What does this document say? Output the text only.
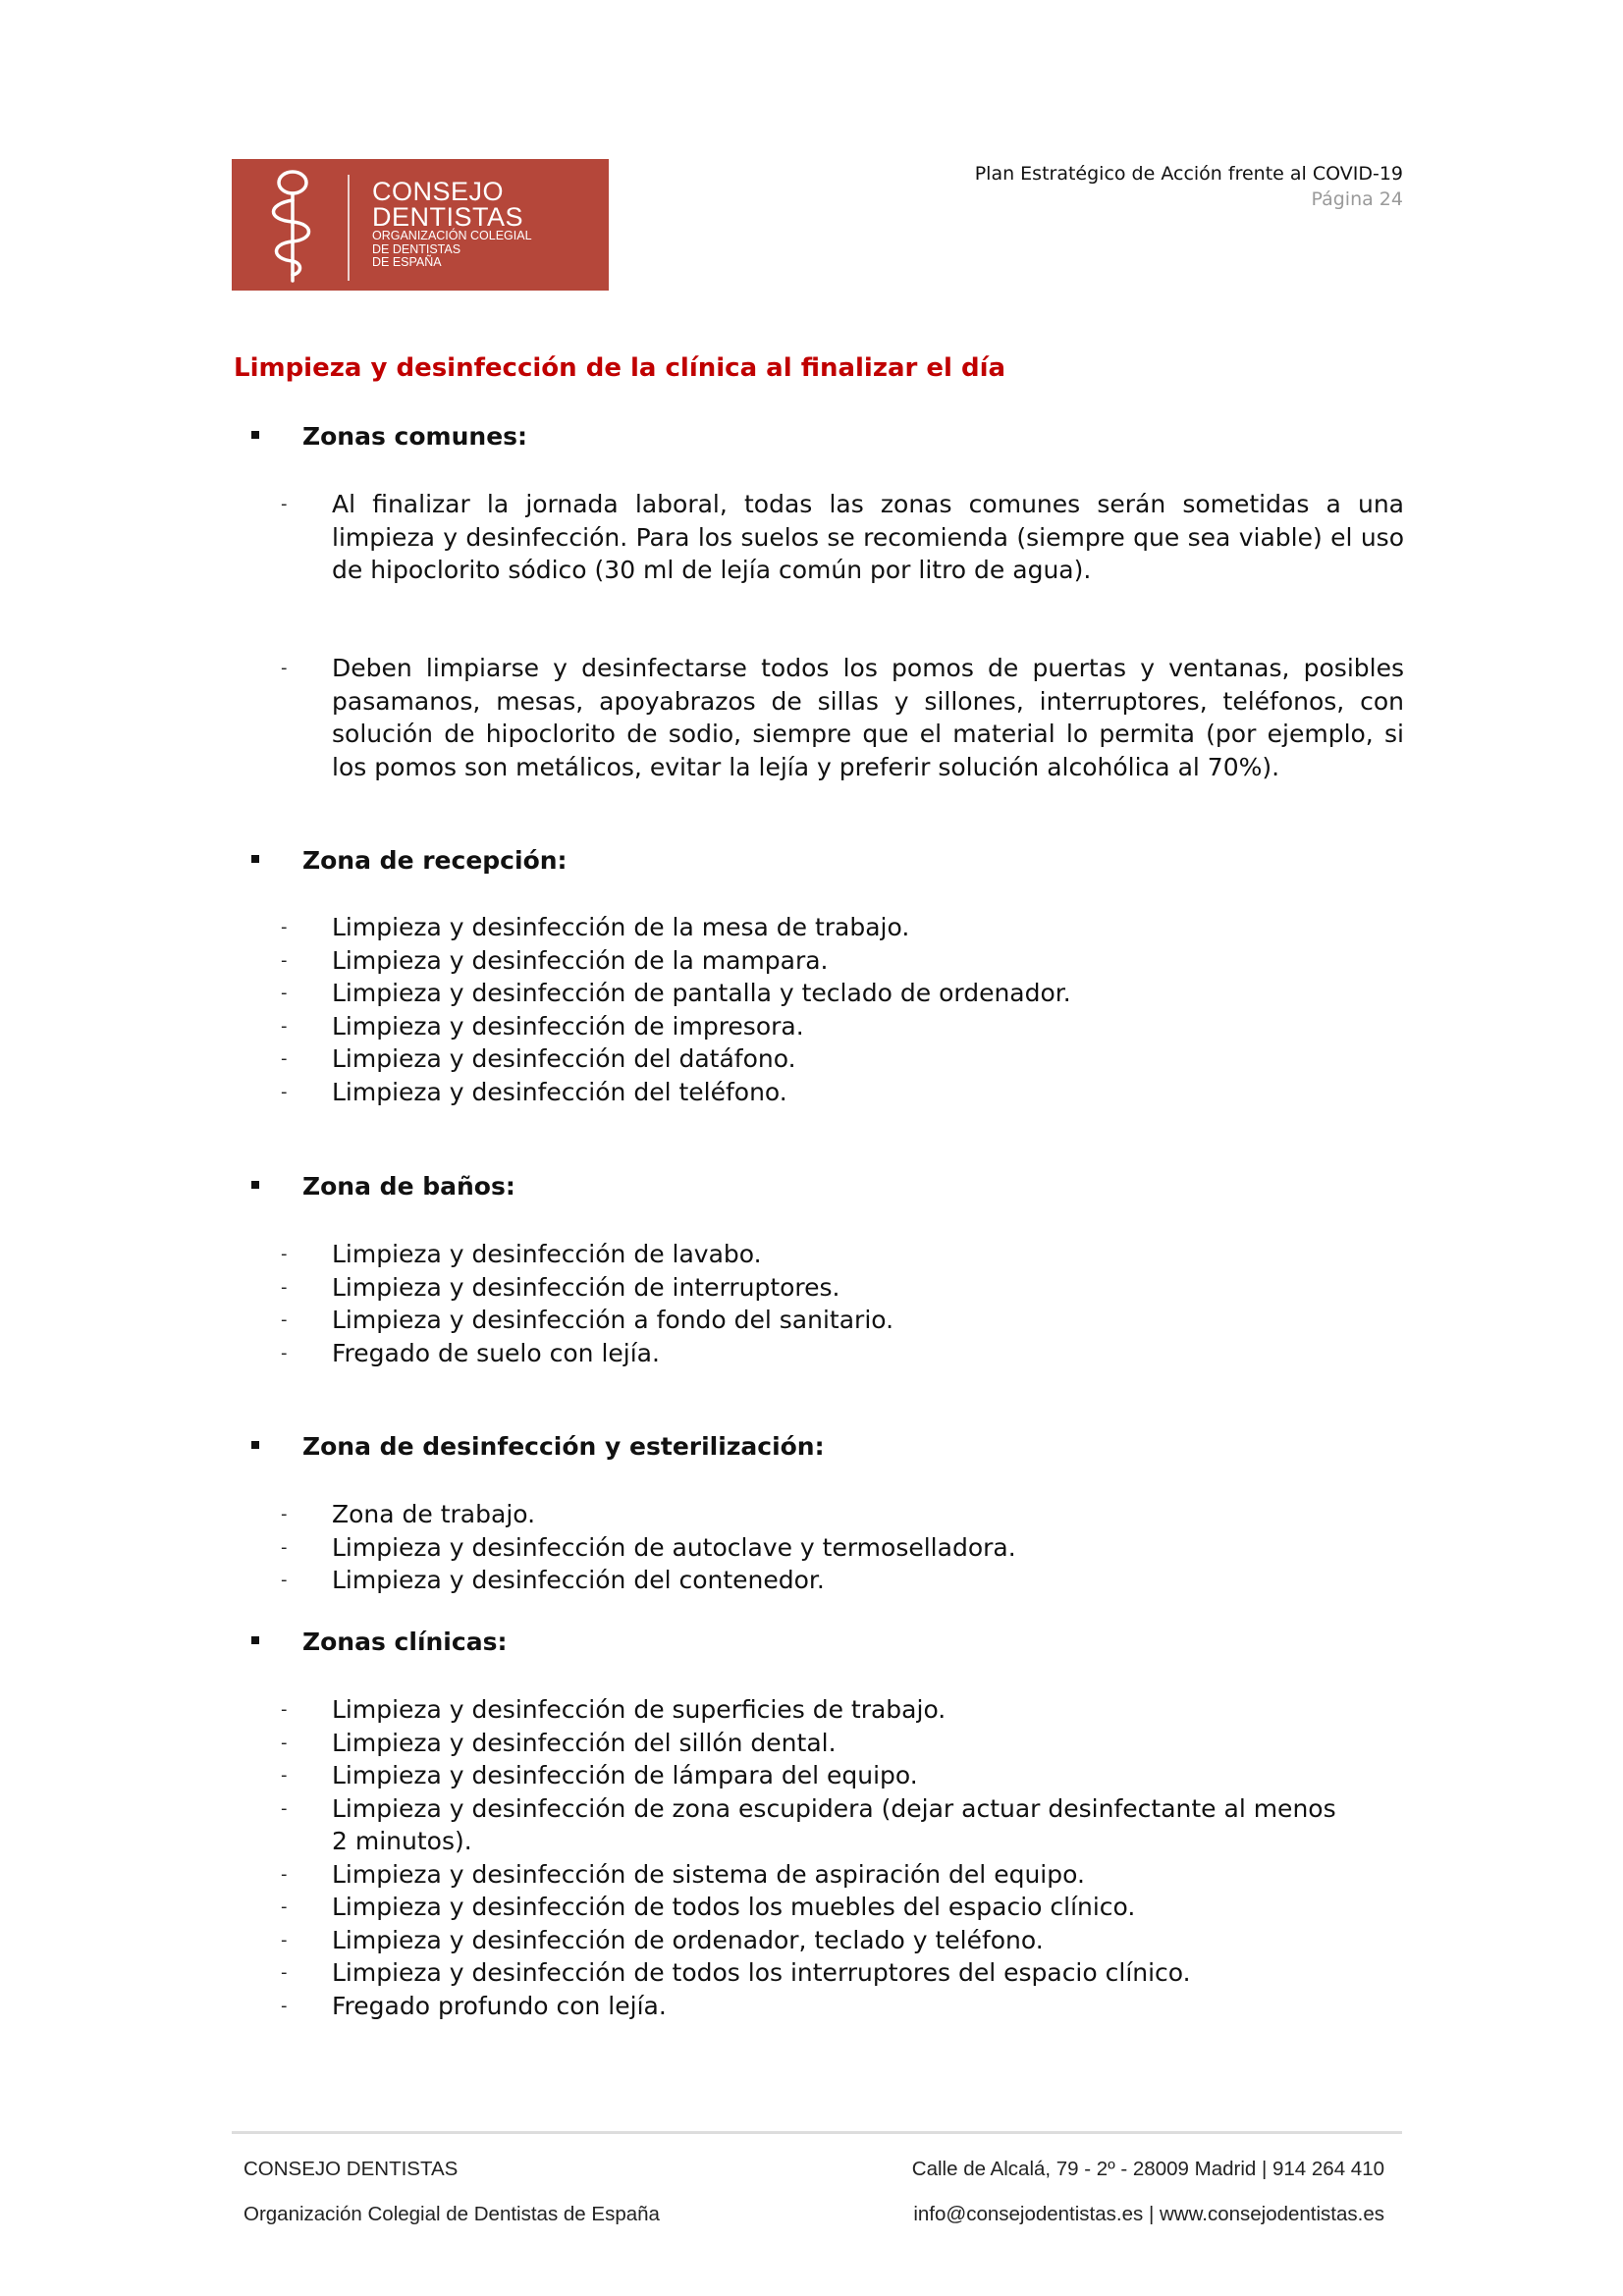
CONSEJO
DENTISTAS
ORGANIZACIÓN COLEGIAL
DE DENTISTAS
DE ESPAÑA
Plan Estratégico de Acción frente al COVID-19
Página 24
Limpieza y desinfección de la clínica al finalizar el día
Zonas comunes:
- Al finalizar la jornada laboral, todas las zonas comunes serán sometidas a una limpieza y desinfección. Para los suelos se recomienda (siempre que sea viable) el uso de hipoclorito sódico (30 ml de lejía común por litro de agua).
- Deben limpiarse y desinfectarse todos los pomos de puertas y ventanas, posibles pasamanos, mesas, apoyabrazos de sillas y sillones, interruptores, teléfonos, con solución de hipoclorito de sodio, siempre que el material lo permita (por ejemplo, si los pomos son metálicos, evitar la lejía y preferir solución alcohólica al 70%).
Zona de recepción:
- Limpieza y desinfección de la mesa de trabajo.
- Limpieza y desinfección de la mampara.
- Limpieza y desinfección de pantalla y teclado de ordenador.
- Limpieza y desinfección de impresora.
- Limpieza y desinfección del datáfono.
- Limpieza y desinfección del teléfono.
Zona de baños:
- Limpieza y desinfección de lavabo.
- Limpieza y desinfección de interruptores.
- Limpieza y desinfección a fondo del sanitario.
- Fregado de suelo con lejía.
Zona de desinfección y esterilización:
- Zona de trabajo.
- Limpieza y desinfección de autoclave y termoselladora.
- Limpieza y desinfección del contenedor.
Zonas clínicas:
- Limpieza y desinfección de superficies de trabajo.
- Limpieza y desinfección del sillón dental.
- Limpieza y desinfección de lámpara del equipo.
- Limpieza y desinfección de zona escupidera (dejar actuar desinfectante al menos 2 minutos).
- Limpieza y desinfección de sistema de aspiración del equipo.
- Limpieza y desinfección de todos los muebles del espacio clínico.
- Limpieza y desinfección de ordenador, teclado y teléfono.
- Limpieza y desinfección de todos los interruptores del espacio clínico.
- Fregado profundo con lejía.
CONSEJO DENTISTAS
Organización Colegial de Dentistas de España
Calle de Alcalá, 79 - 2º - 28009 Madrid | 914 264 410
info@consejodentistas.es | www.consejodentistas.es
